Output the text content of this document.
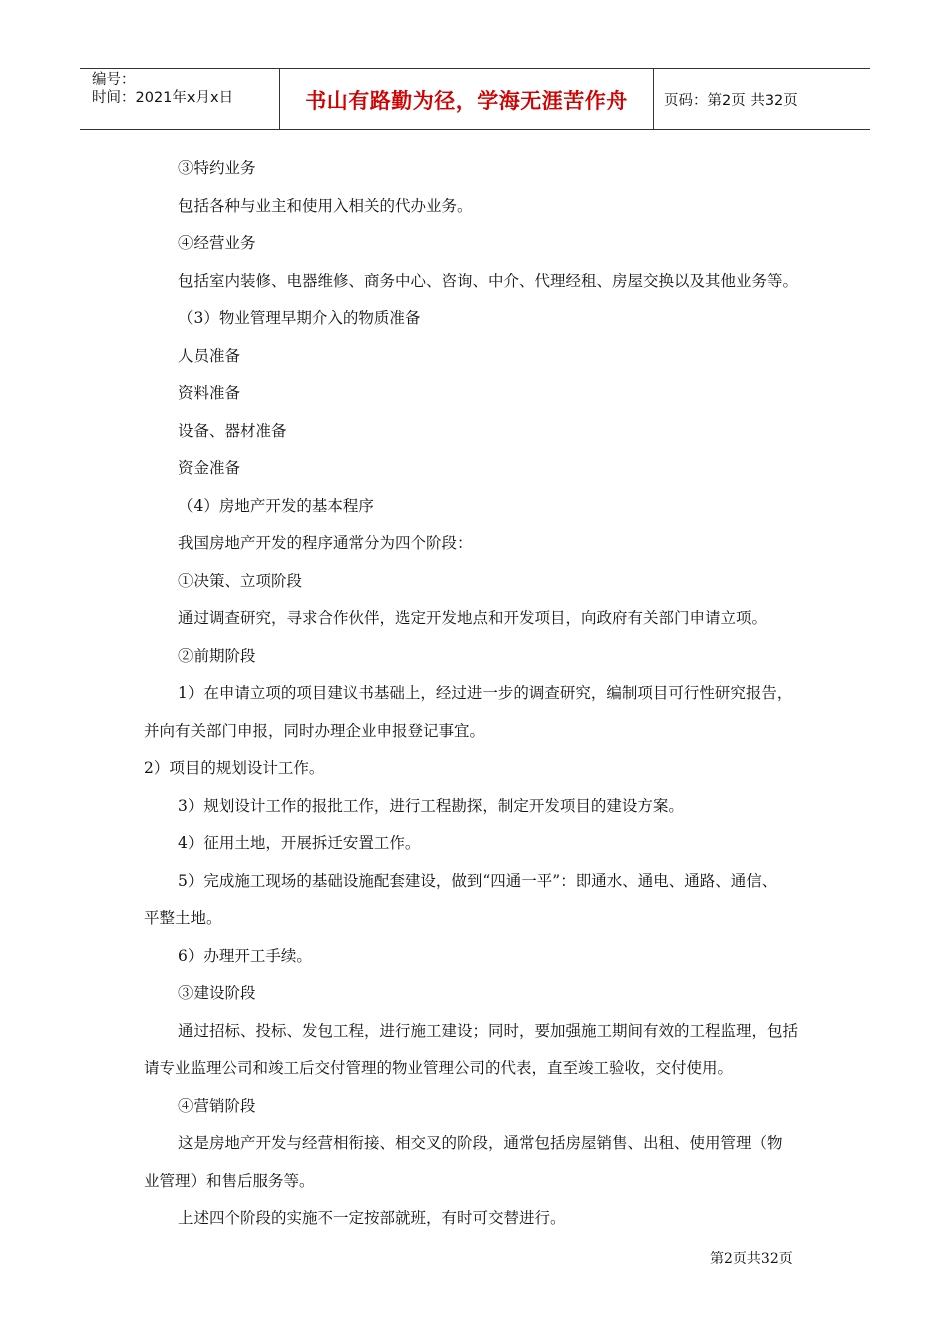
编号：
时间：2021年x月x日	书山有路勤为径，学海无涯苦作舟	页码：第2页 共32页

③特约业务

包括各种与业主和使用入相关的代办业务。

④经营业务

包括室内装修、电器维修、商务中心、咨询、中介、代理经租、房屋交换以及其他业务等。

（3）物业管理早期介入的物质准备

人员准备

资料准备

设备、器材准备

资金准备

（4）房地产开发的基本程序

我国房地产开发的程序通常分为四个阶段：

①决策、立项阶段

通过调查研究，寻求合作伙伴，选定开发地点和开发项目，向政府有关部门申请立项。

②前期阶段

1）在申请立项的项目建议书基础上，经过进一步的调查研究，编制项目可行性研究报告，

并向有关部门申报，同时办理企业申报登记事宜。

2）项目的规划设计工作。

3）规划设计工作的报批工作，进行工程勘探，制定开发项目的建设方案。

4）征用土地，开展拆迁安置工作。

5）完成施工现场的基础设施配套建设，做到“四通一平”：即通水、通电、通路、通信、

平整土地。

6）办理开工手续。

③建设阶段

通过招标、投标、发包工程，进行施工建设；同时，要加强施工期间有效的工程监理，包括

请专业监理公司和竣工后交付管理的物业管理公司的代表，直至竣工验收，交付使用。

④营销阶段

这是房地产开发与经营相衔接、相交叉的阶段，通常包括房屋销售、出租、使用管理（物

业管理）和售后服务等。

上述四个阶段的实施不一定按部就班，有时可交替进行。

第2页共32页
